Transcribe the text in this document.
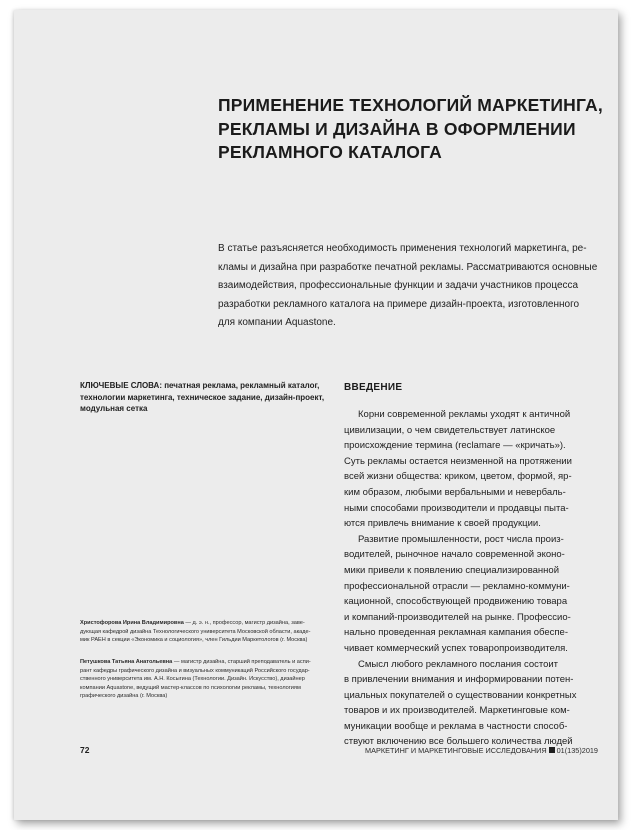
ПРИМЕНЕНИЕ ТЕХНОЛОГИЙ МАРКЕТИНГА,
РЕКЛАМЫ И ДИЗАЙНА В ОФОРМЛЕНИИ
РЕКЛАМНОГО КАТАЛОГА
В статье разъясняется необходимость применения технологий маркетинга, ре-
кламы и дизайна при разработке печатной рекламы. Рассматриваются основные
взаимодействия, профессиональные функции и задачи участников процесса
разработки рекламного каталога на примере дизайн-проекта, изготовленного
для компании Aquastone.
КЛЮЧЕВЫЕ СЛОВА: печатная реклама, рекламный каталог,
технологии маркетинга, техническое задание, дизайн-проект,
модульная сетка
ВВЕДЕНИЕ
Корни современной рекламы уходят к античной
цивилизации, о чем свидетельствует латинское
происхождение термина (reclamare — «кричать»).
Суть рекламы остается неизменной на протяжении
всей жизни общества: криком, цветом, формой, яр-
ким образом, любыми вербальными и невербаль-
ными способами производители и продавцы пыта-
ются привлечь внимание к своей продукции.
Развитие промышленности, рост числа произ-
водителей, рыночное начало современной эконо-
мики привели к появлению специализированной
профессиональной отрасли — рекламно-коммуни-
кационной, способствующей продвижению товара
и компаний-производителей на рынке. Профессио-
нально проведенная рекламная кампания обеспе-
чивает коммерческий успех товаропроизводителя.
Смысл любого рекламного послания состоит
в привлечении внимания и информировании потен-
циальных покупателей о существовании конкретных
товаров и их производителей. Маркетинговые ком-
муникации вообще и реклама в частности способ-
ствуют включению все большего количества людей
Христофорова Ирина Владимировна — д. э. н., профессор, магистр дизайна, заве-
дующая кафедрой дизайна Технологического университета Московской области, акаде-
мик РАЕН в секции «Экономика и социология», член Гильдии Маркетологов (г. Москва)
Петушкова Татьяна Анатольевна — магистр дизайна, старший преподаватель и аспи-
рант кафедры графического дизайна и визуальных коммуникаций Российского государ-
ственного университета им. А.Н. Косыгина (Технологии. Дизайн. Искусство), дизайнер
компании Aquastone, ведущий мастер-классов по психологии рекламы, технологиям
графического дизайна (г. Москва)
72	МАРКЕТИНГ И МАРКЕТИНГОВЫЕ ИССЛЕДОВАНИЯ 01(135)2019
